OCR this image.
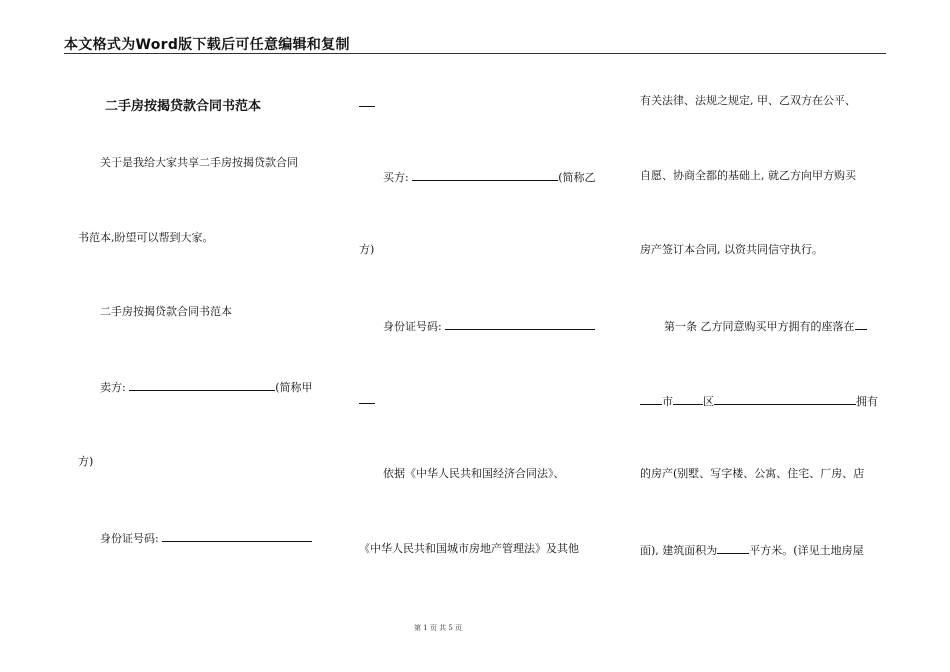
本文格式为Word版下载后可任意编辑和复制
二手房按揭贷款合同书范本
关于是我给大家共享二手房按揭贷款合同
书范本,盼望可以帮到大家。
二手房按揭贷款合同书范本
卖方:	(简称甲
方)
身份证号码:
买方:	(简称乙
方)
身份证号码:
依据《中华人民共和国经济合同法》、
《中华人民共和国城市房地产管理法》及其他
有关法律、法规之规定, 甲、乙双方在公平、
自愿、协商全都的基础上, 就乙方向甲方购买
房产签订本合同, 以资共同信守执行。
第一条 乙方同意购买甲方拥有的座落在
市	区	拥有
的房产(别墅、写字楼、公寓、住宅、厂房、店
面), 建筑面积为	平方米。(详见土地房屋
第 1 页 共 5 页
